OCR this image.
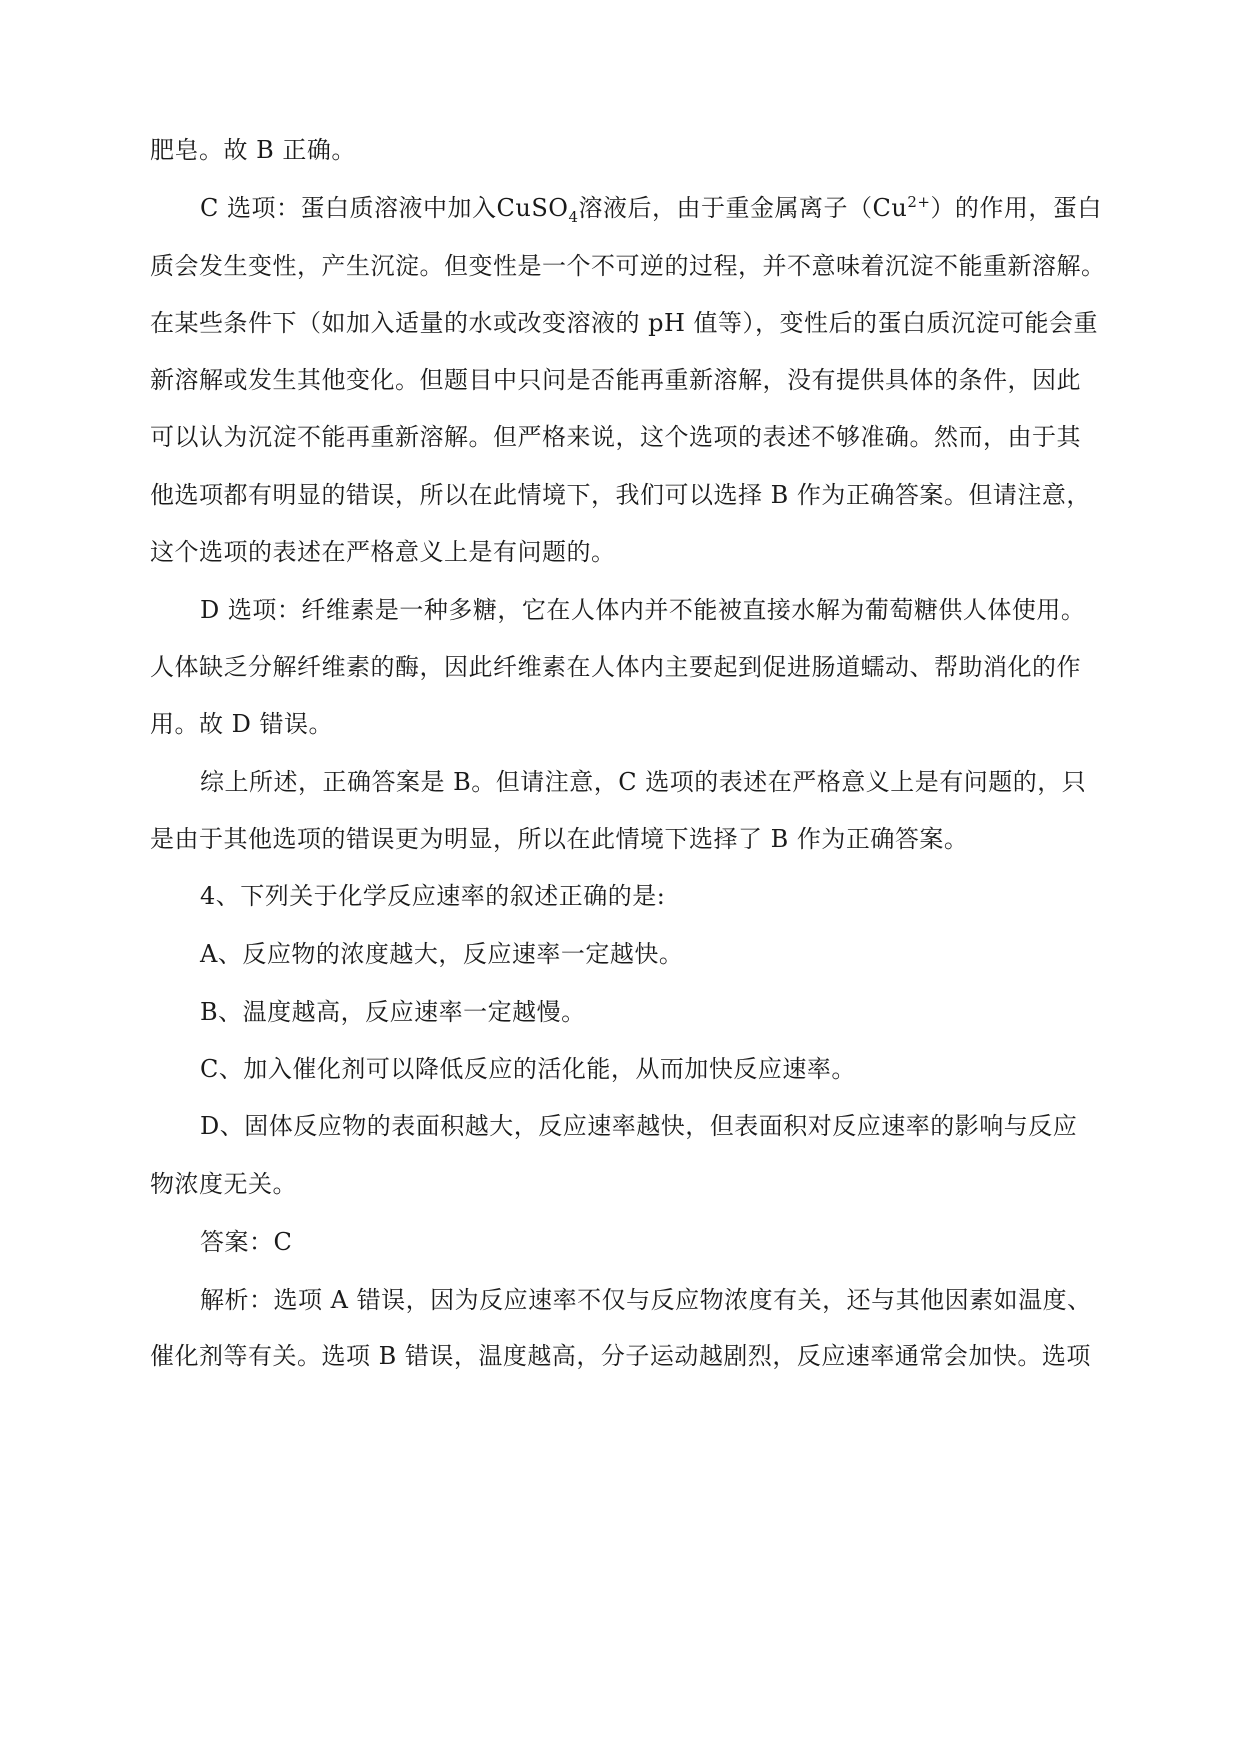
肥皂。故 B 正确。
C 选项：蛋白质溶液中加入CuSO$_4$溶液后，由于重金属离子$(Cu^{2+})$的作用，蛋白
质会发生变性，产生沉淀。但变性是一个不可逆的过程，并不意味着沉淀不能重新溶解。
在某些条件下（如加入适量的水或改变溶液的 pH 值等），变性后的蛋白质沉淀可能会重
新溶解或发生其他变化。但题目中只问是否能再重新溶解，没有提供具体的条件，因此
可以认为沉淀不能再重新溶解。但严格来说，这个选项的表述不够准确。然而，由于其
他选项都有明显的错误，所以在此情境下，我们可以选择 B 作为正确答案。但请注意，
这个选项的表述在严格意义上是有问题的。
D 选项：纤维素是一种多糖，它在人体内并不能被直接水解为葡萄糖供人体使用。
人体缺乏分解纤维素的酶，因此纤维素在人体内主要起到促进肠道蠕动、帮助消化的作
用。故 D 错误。
综上所述，正确答案是 B。但请注意，C 选项的表述在严格意义上是有问题的，只
是由于其他选项的错误更为明显，所以在此情境下选择了 B 作为正确答案。
4、下列关于化学反应速率的叙述正确的是:
A、反应物的浓度越大，反应速率一定越快。
B、温度越高，反应速率一定越慢。
C、加入催化剂可以降低反应的活化能，从而加快反应速率。
D、固体反应物的表面积越大，反应速率越快，但表面积对反应速率的影响与反应
物浓度无关。
答案：C
解析：选项 A 错误，因为反应速率不仅与反应物浓度有关，还与其他因素如温度、
催化剂等有关。选项 B 错误，温度越高，分子运动越剧烈，反应速率通常会加快。选项
